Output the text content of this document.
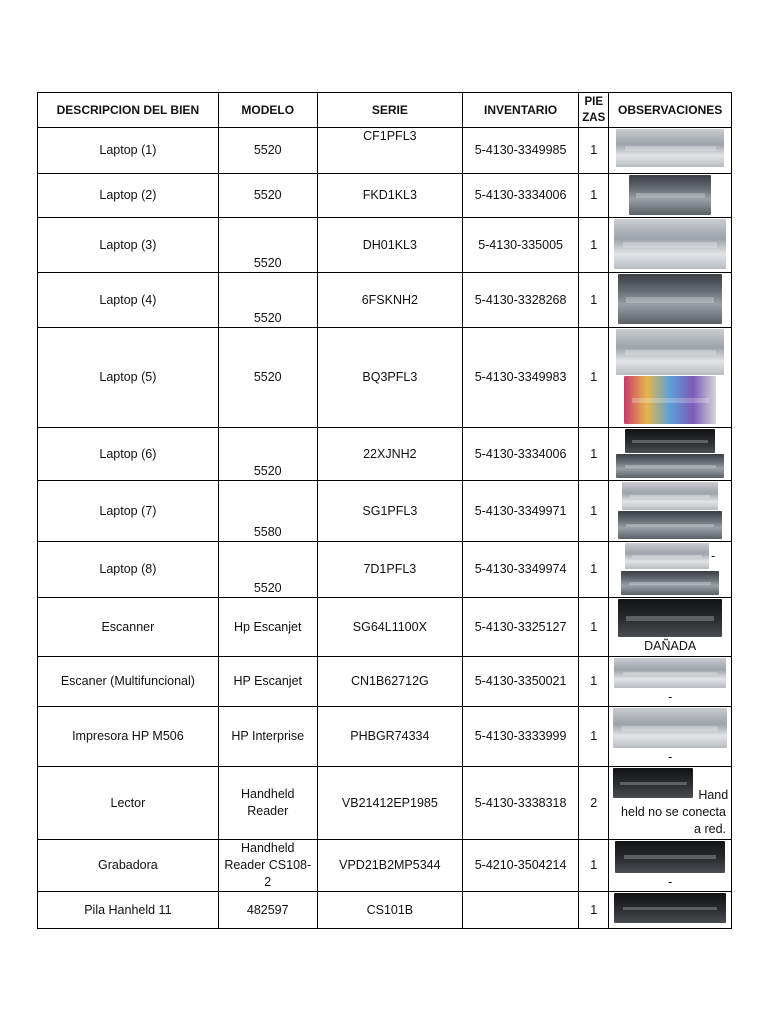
DESCRIPCION DEL BIEN	MODELO	SERIE	INVENTARIO	PIE ZAS	OBSERVACIONES
Laptop (1)	5520	CF1PFL3	5-4130-3349985	1	

Laptop (2)	5520	FKD1KL3	5-4130-3334006	1	

Laptop (3)	5520	DH01KL3	5-4130-335005	1	

Laptop (4)	5520	6FSKNH2	5-4130-3328268	1	

Laptop (5)	5520	BQ3PFL3	5-4130-3349983	1	

Laptop (6)	5520	22XJNH2	5-4130-3334006	1	

Laptop (7)	5580	SG1PFL3	5-4130-3349971	1	

Laptop (8)	5520	7D1PFL3	5-4130-3349974	1	-

Escanner	Hp Escanjet	SG64L1100X	5-4130-3325127	1	DAÑADA

Escaner (Multifuncional)	HP Escanjet	CN1B62712G	5-4130-3350021	1	-

Impresora HP M506	HP Interprise	PHBGR74334	5-4130-3333999	1	-

Lector	Handheld Reader	VB21412EP1985	5-4130-3338318	2	Hand held no se conecta a red.

Grabadora	Handheld Reader CS108-2	VPD21B2MP5344	5-4210-3504214	1	-

Pila Hanheld 11	482597	CS101B		1	
